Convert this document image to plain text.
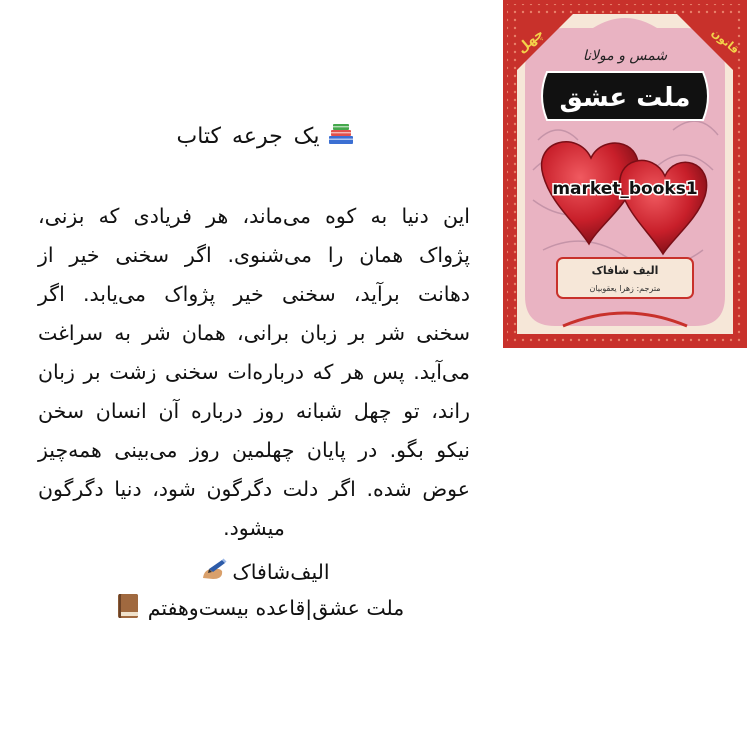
یک جرعه کتاب
این دنیا به کوه می‌ماند، هر فریادی که بزنی، پژواک همان را می‌شنوی. اگر سخنی خیر از دهانت برآید، سخنی خیر پژواک می‌یابد. اگر سخنی شر بر زبان برانی، همان شر به سراغت می‌آید. پس هر که درباره‌ات سخنی زشت بر زبان راند، تو چهل شبانه روز درباره آن انسان سخن نیکو بگو. در پایان چهلمین روز می‌بینی همه‌چیز عوض شده. اگر دلت دگرگون شود، دنیا دگرگون میشود.
الیف‌شافاک
ملت عشق|قاعده بیست‌وهفتم
چهل	قانون
شمس و مولانا
ملت عشق
market_books1
الیف شافاک
مترجم: زهرا یعقوبیان
